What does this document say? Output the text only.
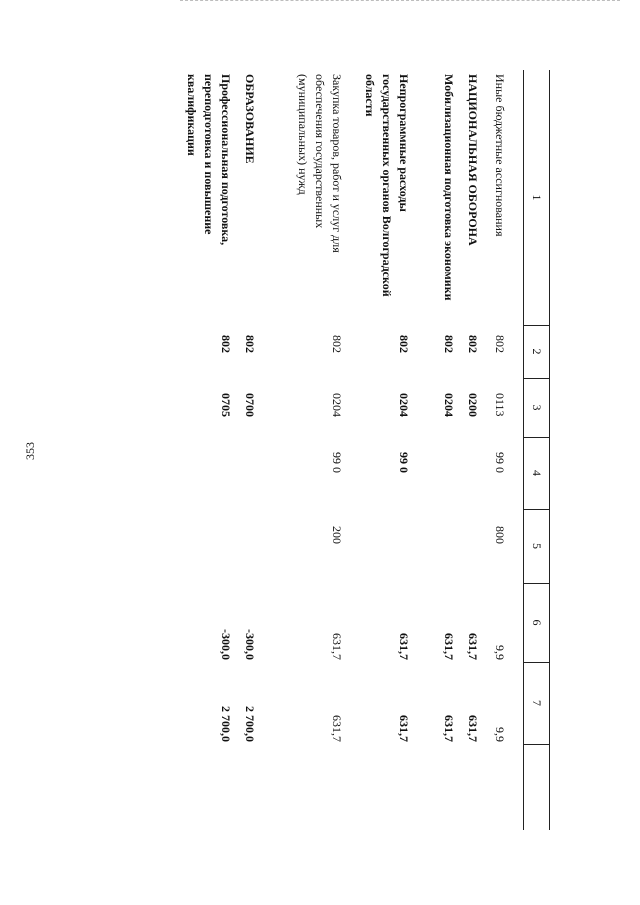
353
1
2
3
4
5
6
7
Иные бюджетные ассигнования
802
0113
99 0
800
9,9
9,9
НАЦИОНАЛЬНАЯ ОБОРОНА
802
0200
631,7
631,7
Мобилизационная подготовка экономики
802
0204
631,7
631,7
Непрограммные расходы государственных органов Волгоградской области
802
0204
99 0
631,7
631,7
Закупка товаров, работ и услуг для обеспечения государственных (муниципальных) нужд
802
0204
99 0
200
631,7
631,7
ОБРАЗОВАНИЕ
802
0700
-300,0
2 700,0
Профессиональная подготовка, переподготовка и повышение квалификации
802
0705
-300,0
2 700,0
